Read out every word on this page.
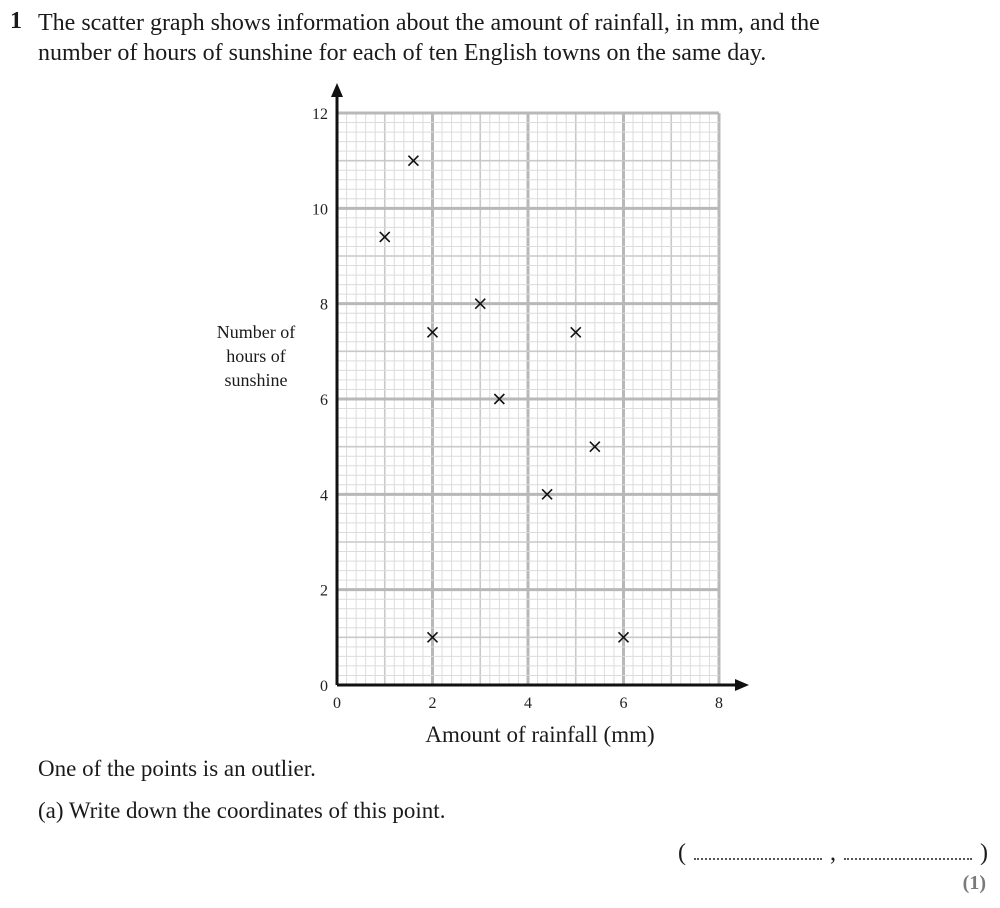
1 The scatter graph shows information about the amount of rainfall, in mm, and the
number of hours of sunshine for each of ten English towns on the same day.
Number of
hours of
sunshine
0	2	4	6	8
0
2
4
6
8
10
12
Amount of rainfall (mm)
One of the points is an outlier.
(a) Write down the coordinates of this point.
(	,	)
(1)
